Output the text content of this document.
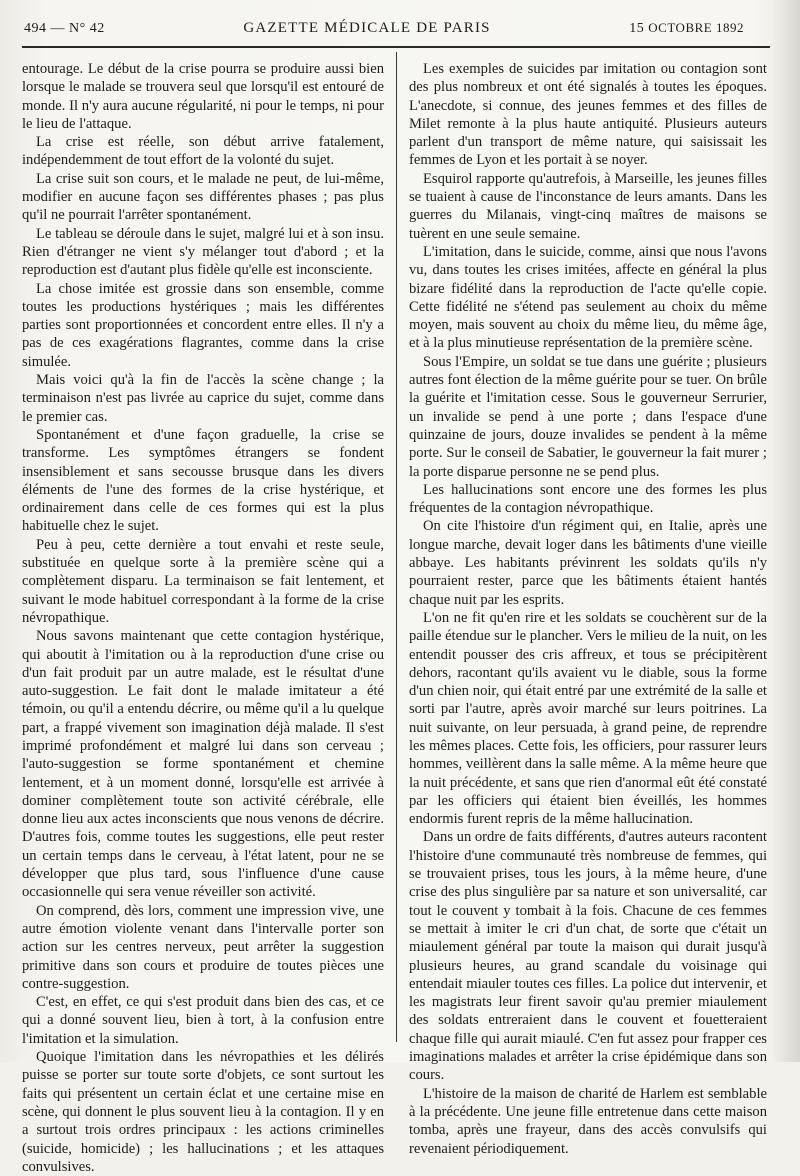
494 — N° 42	GAZETTE MÉDICALE DE PARIS	15 OCTOBRE 1892

entourage. Le début de la crise pourra se produire aussi bien lorsque le malade se trouvera seul que lorsqu'il est entouré de monde. Il n'y aura aucune régularité, ni pour le temps, ni pour le lieu de l'attaque.

La crise est réelle, son début arrive fatalement, indépendemment de tout effort de la volonté du sujet.

La crise suit son cours, et le malade ne peut, de lui-même, modifier en aucune façon ses différentes phases ; pas plus qu'il ne pourrait l'arrêter spontanément.

Le tableau se déroule dans le sujet, malgré lui et à son insu. Rien d'étranger ne vient s'y mélanger tout d'abord ; et la reproduction est d'autant plus fidèle qu'elle est inconsciente.

La chose imitée est grossie dans son ensemble, comme toutes les productions hystériques ; mais les différentes parties sont proportionnées et concordent entre elles. Il n'y a pas de ces exagérations flagrantes, comme dans la crise simulée.

Mais voici qu'à la fin de l'accès la scène change ; la terminaison n'est pas livrée au caprice du sujet, comme dans le premier cas.

Spontanément et d'une façon graduelle, la crise se transforme. Les symptômes étrangers se fondent insensiblement et sans secousse brusque dans les divers éléments de l'une des formes de la crise hystérique, et ordinairement dans celle de ces formes qui est la plus habituelle chez le sujet.

Peu à peu, cette dernière a tout envahi et reste seule, substituée en quelque sorte à la première scène qui a complètement disparu. La terminaison se fait lentement, et suivant le mode habituel correspondant à la forme de la crise névropathique.

Nous savons maintenant que cette contagion hystérique, qui aboutit à l'imitation ou à la reproduction d'une crise ou d'un fait produit par un autre malade, est le résultat d'une auto-suggestion. Le fait dont le malade imitateur a été témoin, ou qu'il a entendu décrire, ou même qu'il a lu quelque part, a frappé vivement son imagination déjà malade. Il s'est imprimé profondément et malgré lui dans son cerveau ; l'auto-suggestion se forme spontanément et chemine lentement, et à un moment donné, lorsqu'elle est arrivée à dominer complètement toute son activité cérébrale, elle donne lieu aux actes inconscients que nous venons de décrire. D'autres fois, comme toutes les suggestions, elle peut rester un certain temps dans le cerveau, à l'état latent, pour ne se développer que plus tard, sous l'influence d'une cause occasionnelle qui sera venue réveiller son activité.

On comprend, dès lors, comment une impression vive, une autre émotion violente venant dans l'intervalle porter son action sur les centres nerveux, peut arrêter la suggestion primitive dans son cours et produire de toutes pièces une contre-suggestion.

C'est, en effet, ce qui s'est produit dans bien des cas, et ce qui a donné souvent lieu, bien à tort, à la confusion entre l'imitation et la simulation.

Quoique l'imitation dans les névropathies et les délirés puisse se porter sur toute sorte d'objets, ce sont surtout les faits qui présentent un certain éclat et une certaine mise en scène, qui donnent le plus souvent lieu à la contagion. Il y en a surtout trois ordres principaux : les actions criminelles (suicide, homicide) ; les hallucinations ; et les attaques convulsives.

Les exemples de suicides par imitation ou contagion sont des plus nombreux et ont été signalés à toutes les époques. L'anecdote, si connue, des jeunes femmes et des filles de Milet remonte à la plus haute antiquité. Plusieurs auteurs parlent d'un transport de même nature, qui saisissait les femmes de Lyon et les portait à se noyer.

Esquirol rapporte qu'autrefois, à Marseille, les jeunes filles se tuaient à cause de l'inconstance de leurs amants. Dans les guerres du Milanais, vingt-cinq maîtres de maisons se tuèrent en une seule semaine.

L'imitation, dans le suicide, comme, ainsi que nous l'avons vu, dans toutes les crises imitées, affecte en général la plus bizare fidélité dans la reproduction de l'acte qu'elle copie. Cette fidélité ne s'étend pas seulement au choix du même moyen, mais souvent au choix du même lieu, du même âge, et à la plus minutieuse représentation de la première scène.

Sous l'Empire, un soldat se tue dans une guérite ; plusieurs autres font élection de la même guérite pour se tuer. On brûle la guérite et l'imitation cesse. Sous le gouverneur Serrurier, un invalide se pend à une porte ; dans l'espace d'une quinzaine de jours, douze invalides se pendent à la même porte. Sur le conseil de Sabatier, le gouverneur la fait murer ; la porte disparue personne ne se pend plus.

Les hallucinations sont encore une des formes les plus fréquentes de la contagion névropathique.

On cite l'histoire d'un régiment qui, en Italie, après une longue marche, devait loger dans les bâtiments d'une vieille abbaye. Les habitants prévinrent les soldats qu'ils n'y pourraient rester, parce que les bâtiments étaient hantés chaque nuit par les esprits.

L'on ne fit qu'en rire et les soldats se couchèrent sur de la paille étendue sur le plancher. Vers le milieu de la nuit, on les entendit pousser des cris affreux, et tous se précipitèrent dehors, racontant qu'ils avaient vu le diable, sous la forme d'un chien noir, qui était entré par une extrémité de la salle et sorti par l'autre, après avoir marché sur leurs poitrines. La nuit suivante, on leur persuada, à grand peine, de reprendre les mêmes places. Cette fois, les officiers, pour rassurer leurs hommes, veillèrent dans la salle même. A la même heure que la nuit précédente, et sans que rien d'anormal eût été constaté par les officiers qui étaient bien éveillés, les hommes endormis furent repris de la même hallucination.

Dans un ordre de faits différents, d'autres auteurs racontent l'histoire d'une communauté très nombreuse de femmes, qui se trouvaient prises, tous les jours, à la même heure, d'une crise des plus singulière par sa nature et son universalité, car tout le couvent y tombait à la fois. Chacune de ces femmes se mettait à imiter le cri d'un chat, de sorte que c'était un miaulement général par toute la maison qui durait jusqu'à plusieurs heures, au grand scandale du voisinage qui entendait miauler toutes ces filles. La police dut intervenir, et les magistrats leur firent savoir qu'au premier miaulement des soldats entreraient dans le couvent et fouetteraient chaque fille qui aurait miaulé. C'en fut assez pour frapper ces imaginations malades et arrêter la crise épidémique dans son cours.

L'histoire de la maison de charité de Harlem est semblable à la précédente. Une jeune fille entretenue dans cette maison tomba, après une frayeur, dans des accès convulsifs qui revenaient périodiquement.
